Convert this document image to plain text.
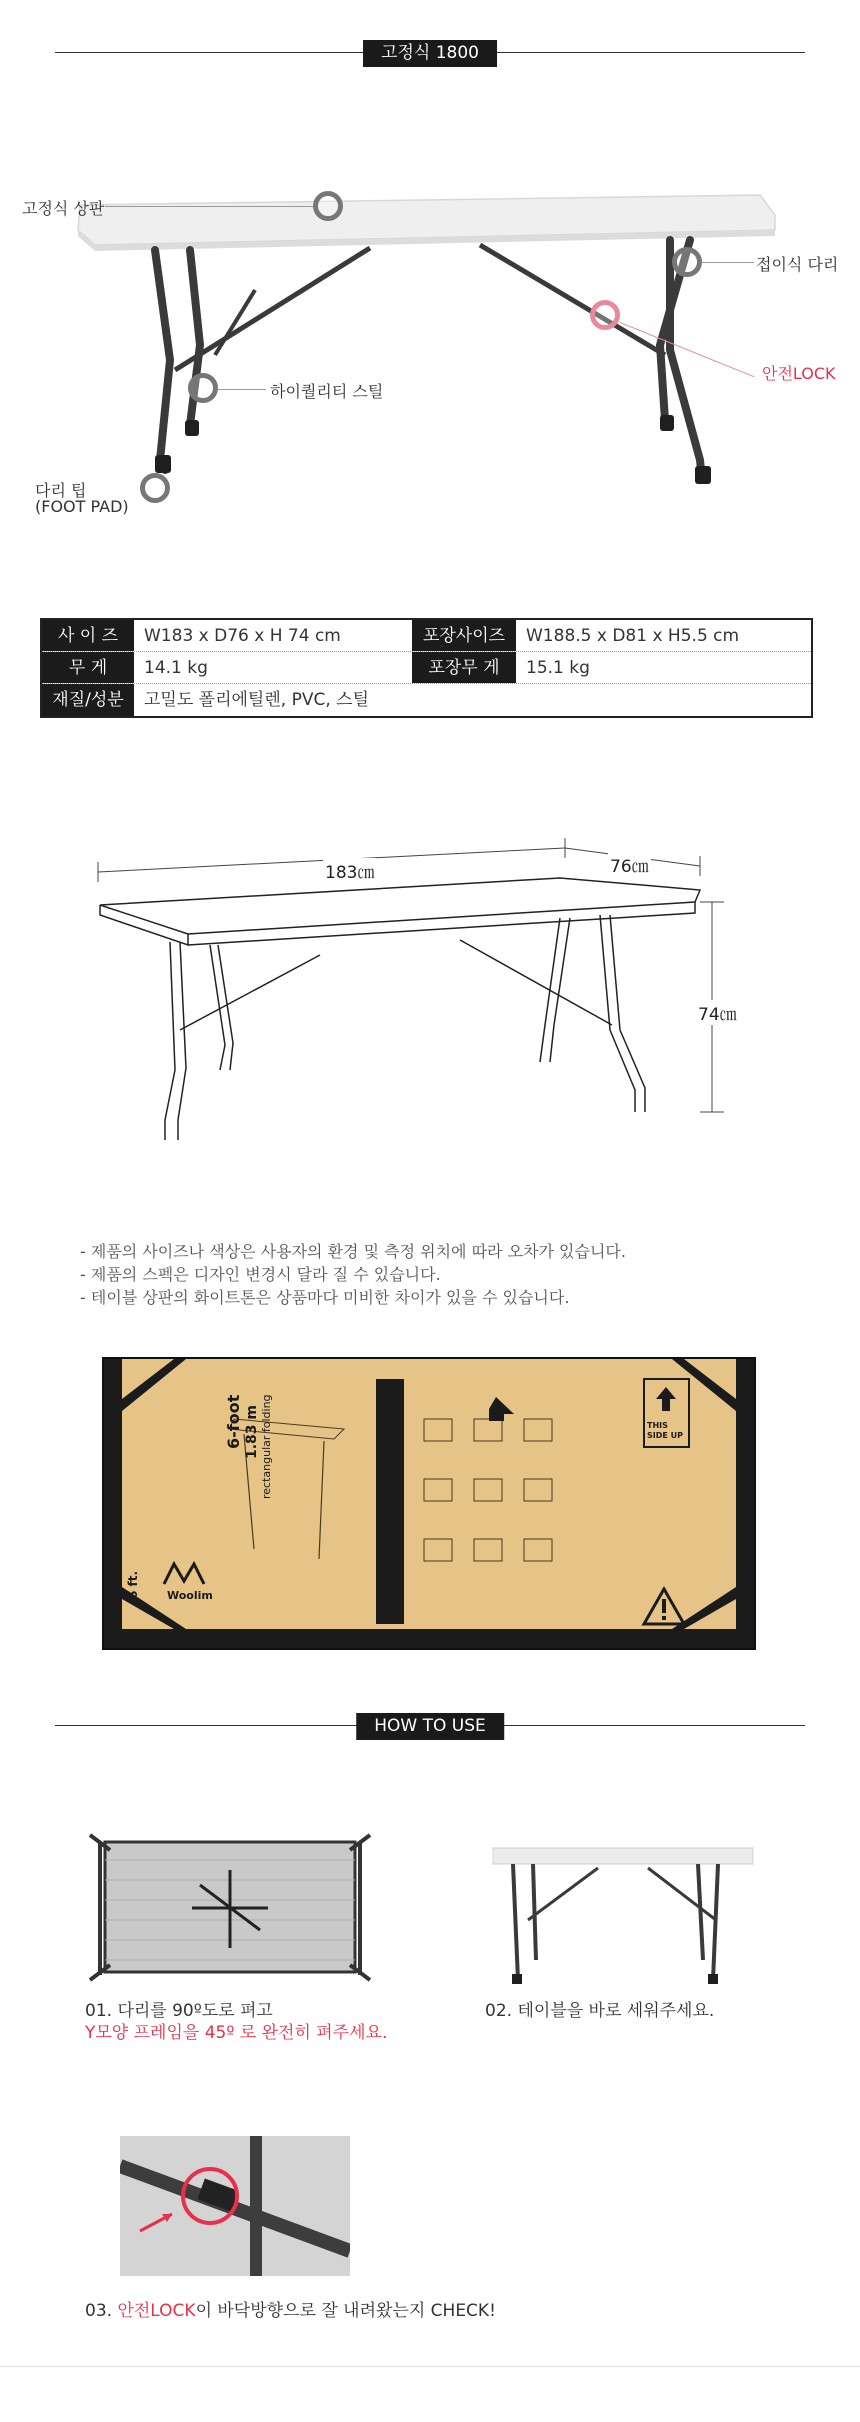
고정식 1800
고정식 상판
접이식 다리
안전LOCK
하이퀄리티 스틸
다리 팁
(FOOT PAD)
사 이 즈	W183 x D76 x H 74 cm	포장사이즈	W188.5 x D81 x H5.5 cm
무 게	14.1 kg	포장무 게	15.1 kg
재질/성분	고밀도 폴리에틸렌, PVC, 스틸
183㎝	76㎝
74㎝
- 제품의 사이즈나 색상은 사용자의 환경 및 측정 위치에 따라 오차가 있습니다.
- 제품의 스펙은 디자인 변경시 달라 질 수 있습니다.
- 테이블 상판의 화이트톤은 상품마다 미비한 차이가 있을 수 있습니다.
Woolim
6-foot 1.83 m rectangular folding
6 ft.
THIS
SIDE UP
HOW TO USE
01. 다리를 90º도로 펴고
Y모양 프레임을 45º 로 완전히 펴주세요.
02. 테이블을 바로 세워주세요.
03. 안전LOCK이 바닥방향으로 잘 내려왔는지 CHECK!
